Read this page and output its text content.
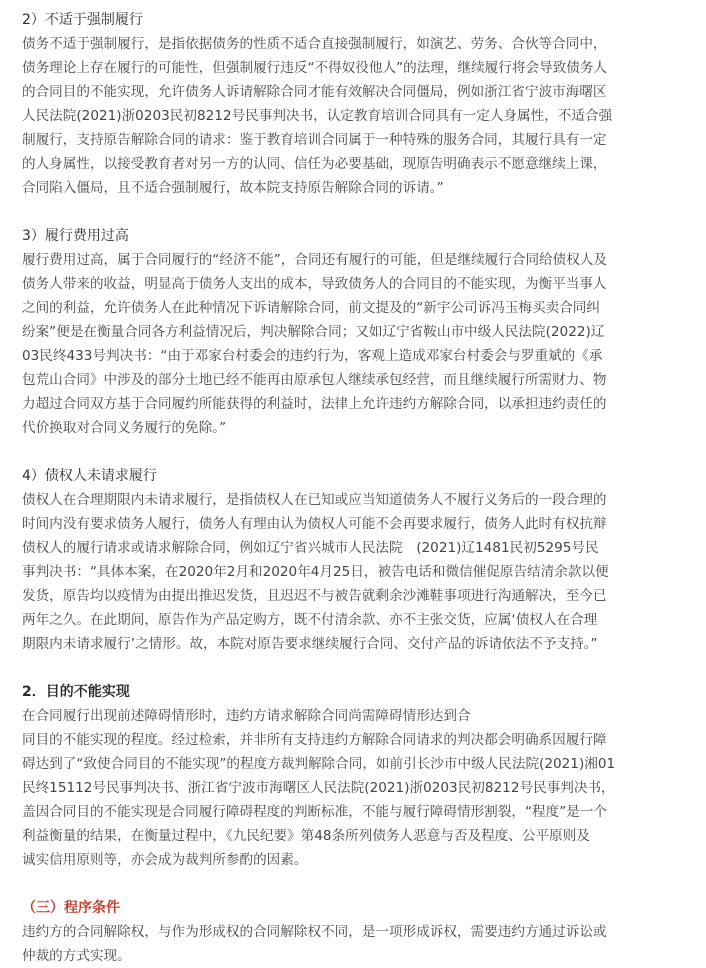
2）不适于强制履行
债务不适于强制履行，是指依据债务的性质不适合直接强制履行，如演艺、劳务、合伙等合同中，
债务理论上存在履行的可能性，但强制履行违反“不得奴役他人”的法理，继续履行将会导致债务人
的合同目的不能实现，允许债务人诉请解除合同才能有效解决合同僵局，例如浙江省宁波市海曙区
人民法院(2021)浙0203民初8212号民事判决书，认定教育培训合同具有一定人身属性，不适合强
制履行，支持原告解除合同的请求：鉴于教育培训合同属于一种特殊的服务合同，其履行具有一定
的人身属性，以接受教育者对另一方的认同、信任为必要基础，现原告明确表示不愿意继续上课，
合同陷入僵局，且不适合强制履行，故本院支持原告解除合同的诉请。”
3）履行费用过高
履行费用过高，属于合同履行的“经济不能”，合同还有履行的可能，但是继续履行合同给债权人及
债务人带来的收益，明显高于债务人支出的成本，导致债务人的合同目的不能实现，为衡平当事人
之间的利益，允许债务人在此种情况下诉请解除合同，前文提及的“新宇公司诉冯玉梅买卖合同纠
纷案”便是在衡量合同各方利益情况后，判决解除合同；又如辽宁省鞍山市中级人民法院(2022)辽
03民终433号判决书：“由于邓家台村委会的违约行为，客观上造成邓家台村委会与罗重斌的《承
包荒山合同》中涉及的部分土地已经不能再由原承包人继续承包经营，而且继续履行所需财力、物
力超过合同双方基于合同履约所能获得的利益时，法律上允许违约方解除合同，以承担违约责任的
代价换取对合同义务履行的免除。”
4）债权人未请求履行
债权人在合理期限内未请求履行，是指债权人在已知或应当知道债务人不履行义务后的一段合理的
时间内没有要求债务人履行，债务人有理由认为债权人可能不会再要求履行，债务人此时有权抗辩
债权人的履行请求或请求解除合同，例如辽宁省兴城市人民法院　(2021)辽1481民初5295号民
事判决书：“具体本案，在2020年2月和2020年4月25日，被告电话和微信催促原告结清余款以便
发货，原告均以疫情为由提出推迟发货，且迟迟不与被告就剩余沙滩鞋事项进行沟通解决，至今已
两年之久。在此期间，原告作为产品定购方，既不付清余款、亦不主张交货，应属‘债权人在合理
期限内未请求履行’之情形。故，本院对原告要求继续履行合同、交付产品的诉请依法不予支持。”
2．目的不能实现
在合同履行出现前述障碍情形时，违约方请求解除合同尚需障碍情形达到合
同目的不能实现的程度。经过检索，并非所有支持违约方解除合同请求的判决都会明确系因履行障
碍达到了“致使合同目的不能实现”的程度方裁判解除合同，如前引长沙市中级人民法院(2021)湘01
民终15112号民事判决书、浙江省宁波市海曙区人民法院(2021)浙0203民初8212号民事判决书，
盖因合同目的不能实现是合同履行障碍程度的判断标准，不能与履行障碍情形割裂，“程度”是一个
利益衡量的结果，在衡量过程中，《九民纪要》第48条所列债务人恶意与否及程度、公平原则及
诚实信用原则等，亦会成为裁判所参酌的因素。
（三）程序条件
违约方的合同解除权，与作为形成权的合同解除权不同，是一项形成诉权，需要违约方通过诉讼或
仲裁的方式实现。
